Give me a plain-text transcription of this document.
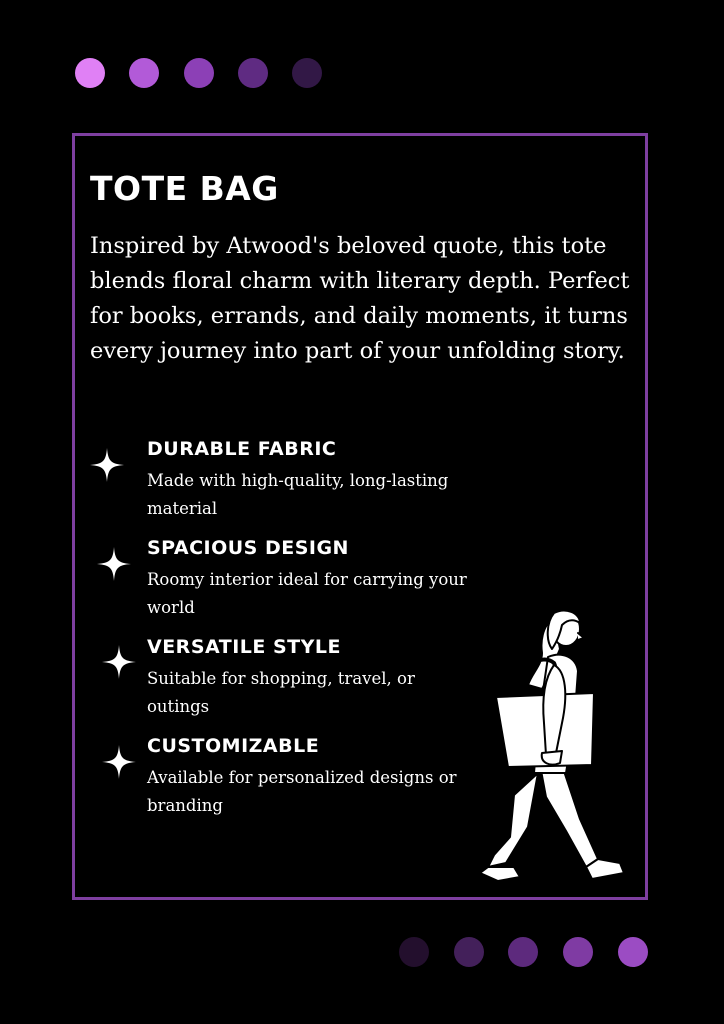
TOTE BAG

Inspired by Atwood's beloved quote, this tote blends floral charm with literary depth. Perfect for books, errands, and daily moments, it turns every journey into part of your unfolding story.

DURABLE FABRIC
Made with high-quality, long-lasting material
SPACIOUS DESIGN
Roomy interior ideal for carrying your world
VERSATILE STYLE
Suitable for shopping, travel, or outings
CUSTOMIZABLE
Available for personalized designs or branding
